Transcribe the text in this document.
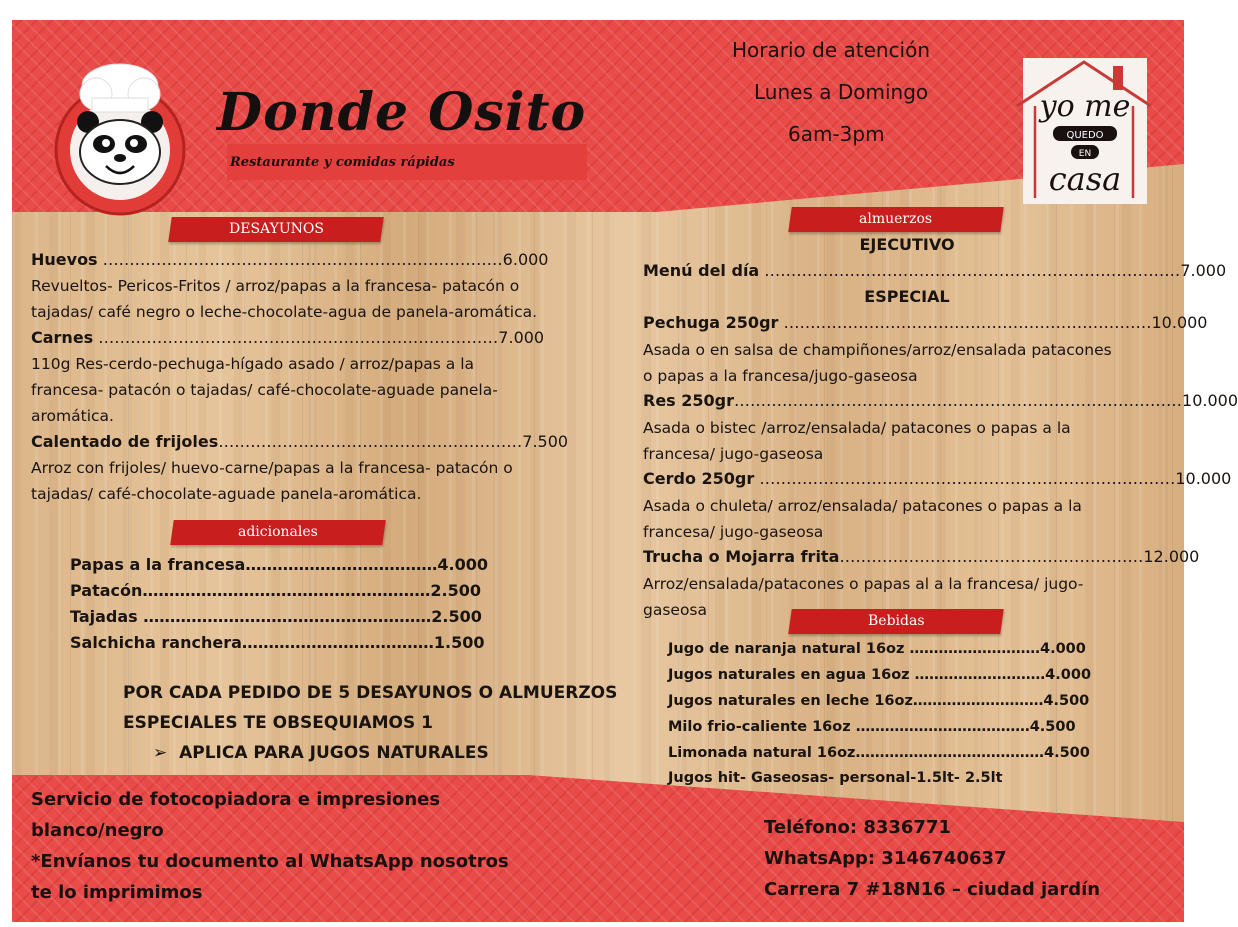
Donde Osito
Restaurante y comidas rápidas
Horario de atención
Lunes a Domingo
6am-3pm
yo me
QUEDO
EN
casa
DESAYUNOS
Huevos …………………………………………………………………6.000
Revueltos- Pericos-Fritos / arroz/papas a la francesa- patacón o
tajadas/ café negro o leche-chocolate-agua de panela-aromática.
Carnes …………………………………………………………………7.000
110g Res-cerdo-pechuga-hígado asado / arroz/papas a la
francesa- patacón o tajadas/ café-chocolate-aguade panela-
aromática.
Calentado de frijoles…………………………………………………7.500
Arroz con frijoles/ huevo-carne/papas a la francesa- patacón o
tajadas/ café-chocolate-aguade panela-aromática.
adicionales
Papas a la francesa………………………………4.000
Patacón………………………………………………2.500
Tajadas ………………………………………………2.500
Salchicha ranchera………………………………1.500
POR CADA PEDIDO DE 5 DESAYUNOS O ALMUERZOS
ESPECIALES TE OBSEQUIAMOS 1
➢ APLICA PARA JUGOS NATURALES
almuerzos
EJECUTIVO
Menú del día ……………………………………………………………………7.000
ESPECIAL
Pechuga 250gr ……………………………………………………………10.000
Asada o en salsa de champiñones/arroz/ensalada patacones
o papas a la francesa/jugo-gaseosa
Res 250gr…………………………………………………………………………10.000
Asada o bistec /arroz/ensalada/ patacones o papas a la
francesa/ jugo-gaseosa
Cerdo 250gr ……………………………………………………………………10.000
Asada o chuleta/ arroz/ensalada/ patacones o papas a la
francesa/ jugo-gaseosa
Trucha o Mojarra frita…………………………………………………12.000
Arroz/ensalada/patacones o papas al a la francesa/ jugo-
gaseosa
Bebidas
Jugo de naranja natural 16oz ………………………4.000
Jugos naturales en agua 16oz ………………………4.000
Jugos naturales en leche 16oz………………………4.500
Milo frio-caliente 16oz ………………………………4.500
Limonada natural 16oz…………………………………4.500
Jugos hit- Gaseosas- personal-1.5lt- 2.5lt
Servicio de fotocopiadora e impresiones
blanco/negro
*Envíanos tu documento al WhatsApp nosotros
te lo imprimimos
Teléfono: 8336771
WhatsApp: 3146740637
Carrera 7 #18N16 – ciudad jardín
